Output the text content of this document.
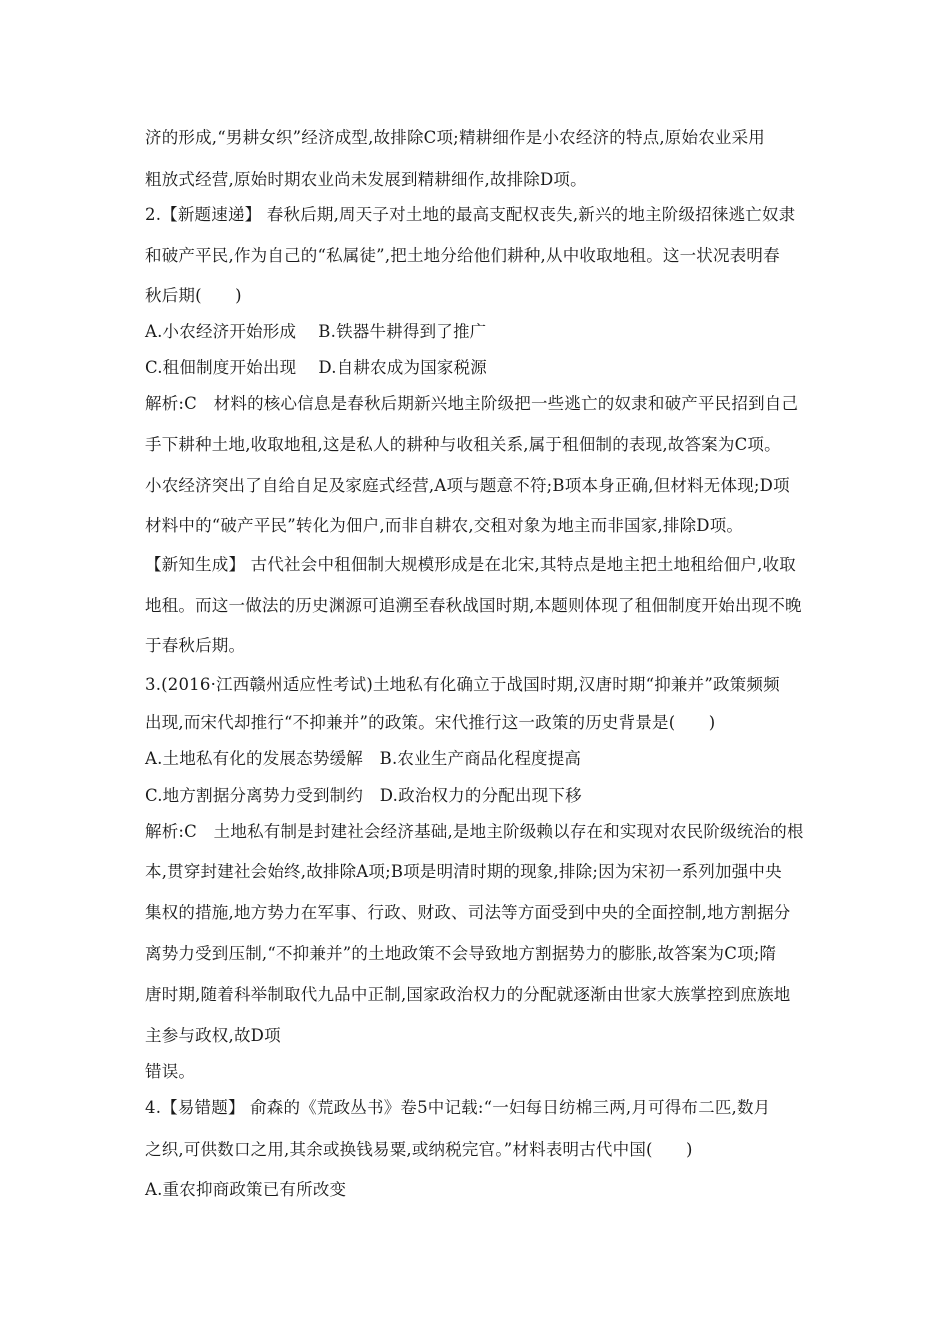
济的形成,“男耕女织”经济成型,故排除C项;精耕细作是小农经济的特点,原始农业采用
粗放式经营,原始时期农业尚未发展到精耕细作,故排除D项。
2.【新题速递】 春秋后期,周天子对土地的最高支配权丧失,新兴的地主阶级招徕逃亡奴隶
和破产平民,作为自己的“私属徒”,把土地分给他们耕种,从中收取地租。这一状况表明春
秋后期(　　)
A.小农经济开始形成　 B.铁器牛耕得到了推广
C.租佃制度开始出现　 D.自耕农成为国家税源
解析:C　材料的核心信息是春秋后期新兴地主阶级把一些逃亡的奴隶和破产平民招到自己
手下耕种土地,收取地租,这是私人的耕种与收租关系,属于租佃制的表现,故答案为C项。
小农经济突出了自给自足及家庭式经营,A项与题意不符;B项本身正确,但材料无体现;D项
材料中的“破产平民”转化为佃户,而非自耕农,交租对象为地主而非国家,排除D项。
【新知生成】 古代社会中租佃制大规模形成是在北宋,其特点是地主把土地租给佃户,收取
地租。而这一做法的历史渊源可追溯至春秋战国时期,本题则体现了租佃制度开始出现不晚
于春秋后期。
3.(2016·江西赣州适应性考试)土地私有化确立于战国时期,汉唐时期“抑兼并”政策频频
出现,而宋代却推行“不抑兼并”的政策。宋代推行这一政策的历史背景是(　　)
A.土地私有化的发展态势缓解　B.农业生产商品化程度提高
C.地方割据分离势力受到制约　D.政治权力的分配出现下移
解析:C　土地私有制是封建社会经济基础,是地主阶级赖以存在和实现对农民阶级统治的根
本,贯穿封建社会始终,故排除A项;B项是明清时期的现象,排除;因为宋初一系列加强中央
集权的措施,地方势力在军事、行政、财政、司法等方面受到中央的全面控制,地方割据分
离势力受到压制,“不抑兼并”的土地政策不会导致地方割据势力的膨胀,故答案为C项;隋
唐时期,随着科举制取代九品中正制,国家政治权力的分配就逐渐由世家大族掌控到庶族地
主参与政权,故D项
错误。
4.【易错题】 俞森的《荒政丛书》卷5中记载:“一妇每日纺棉三两,月可得布二匹,数月
之织,可供数口之用,其余或换钱易粟,或纳税完官。”材料表明古代中国(　　)
A.重农抑商政策已有所改变
